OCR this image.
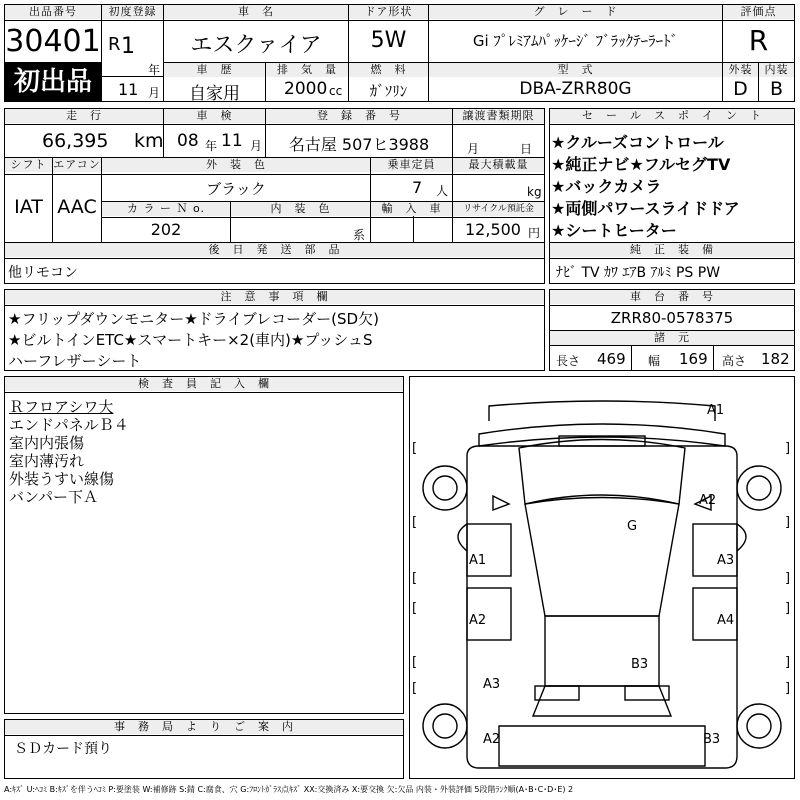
出品番号
30401
初出品
初度登録
R 1
年
11 月
車　名
エスクァイア
ドア形状
5W
グ　レ　ー　ド
Gi ﾌﾟﾚﾐｱﾑﾊﾟｯｹｰｼﾞ ﾌﾞﾗｯｸﾃｰﾗｰﾄﾞ
評価点
R
車　歴
自家用
排　気　量
2000 cc
燃　料
ｶﾞｿﾘﾝ
型　式
DBA-ZRR80G
外装	内装
D	B
走　行
66,395 km
車　検
08 年 11 月
登　録　番　号
名古屋 507ヒ3988
譲渡書類期限
月	日
シフト
IAT
エアコン
AAC
外　装　色
ブラック
乗車定員
7 人
最大積載量
kg
カ ラ ー Ｎ o.
202
内　装　色
系
輸　入　車	リサイクル預託金
12,500 円
後　日　発　送　部　品
他リモコン
セ　ー　ル　ス　ポ　イ　ン　ト
★クルーズコントロール
★純正ナビ★フルセグTV
★バックカメラ
★両側パワースライドドア
★シートヒーター
純　正　装　備
ﾅﾋﾞ TV ｶﾜ ｴｱB ｱﾙﾐ PS PW
注　意　事　項　欄
★フリップダウンモニター★ドライブレコーダー(SD欠)
★ビルトインETC★スマートキー×2(車内)★プッシュS
ハーフレザーシート
車　台　番　号
ZRR80-0578375
諸　元
長さ 469 幅 169 高さ 182
検　査　員　記　入　欄
Ｒフロアシワ大
エンドパネルＢ４
室内内張傷
室内薄汚れ
外装うすい線傷
バンパー下Ａ
事　務　局　よ　り　ご　案　内
ＳＤカード預り
A1
A2
G
A1	A3
A2	A4
B3
A3
A2	B3
[	]
[	]
[	]
[	]
[	]
[	]
A:ｷｽﾞ U:ﾍｺﾐ B:ｷｽﾞを伴うﾍｺﾐ P:要塗装 W:補修跡 S:錆 C:腐食、穴 G:ﾌﾛﾝﾄｶﾞﾗｽ点ｷｽﾞ XX:交換済み X:要交換 欠:欠品 内装・外装評価 5段階ﾗﾝｸ順(A･B･C･D･E) 2
